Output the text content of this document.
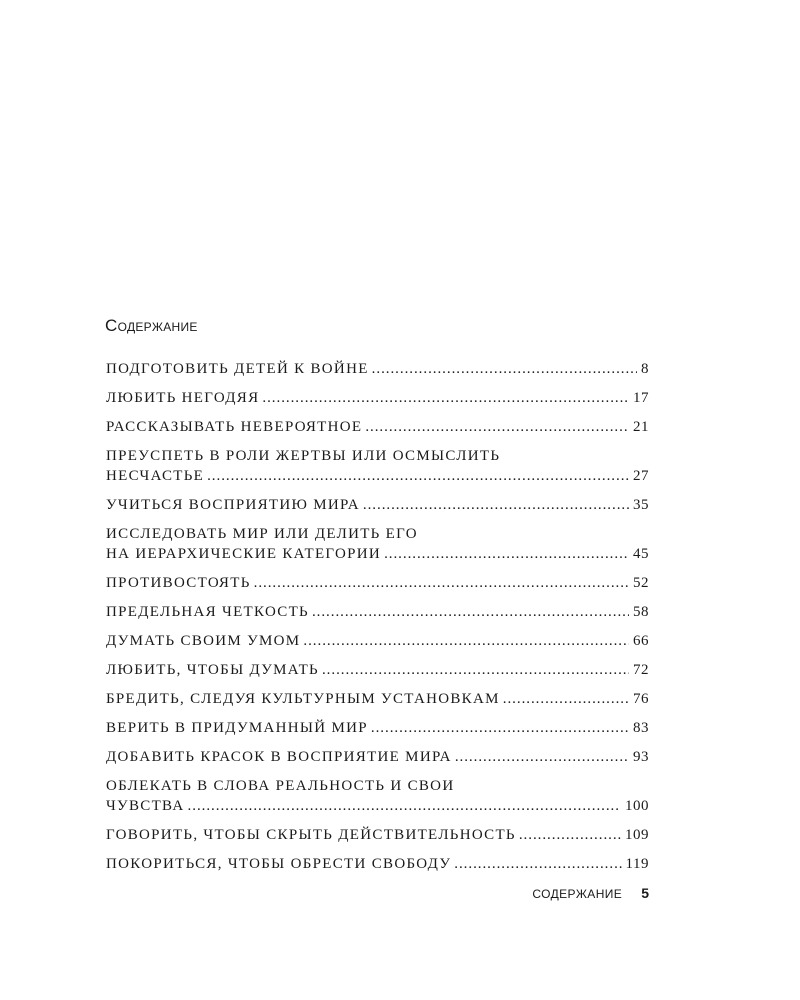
Содержание
ПОДГОТОВИТЬ ДЕТЕЙ К ВОЙНЕ . . .	8
ЛЮБИТЬ НЕГОДЯЯ . . .	17
РАССКАЗЫВАТЬ НЕВЕРОЯТНОЕ . . .	21
ПРЕУСПЕТЬ В РОЛИ ЖЕРТВЫ ИЛИ ОСМЫСЛИТЬ
НЕСЧАСТЬЕ . . .	27
УЧИТЬСЯ ВОСПРИЯТИЮ МИРА . . .	35
ИССЛЕДОВАТЬ МИР ИЛИ ДЕЛИТЬ ЕГО
НА ИЕРАРХИЧЕСКИЕ КАТЕГОРИИ . . .	45
ПРОТИВОСТОЯТЬ . . .	52
ПРЕДЕЛЬНАЯ ЧЕТКОСТЬ . . .	58
ДУМАТЬ СВОИМ УМОМ . . .	66
ЛЮБИТЬ, ЧТОБЫ ДУМАТЬ . . .	72
БРЕДИТЬ, СЛЕДУЯ КУЛЬТУРНЫМ УСТАНОВКАМ . . .	76
ВЕРИТЬ В ПРИДУМАННЫЙ МИР . . .	83
ДОБАВИТЬ КРАСОК В ВОСПРИЯТИЕ МИРА . . .	93
ОБЛЕКАТЬ В СЛОВА РЕАЛЬНОСТЬ И СВОИ
ЧУВСТВА . . .	100
ГОВОРИТЬ, ЧТОБЫ СКРЫТЬ ДЕЙСТВИТЕЛЬНОСТЬ . . .	109
ПОКОРИТЬСЯ, ЧТОБЫ ОБРЕСТИ СВОБОДУ . . .	119
СОДЕРЖАНИЕ 5
